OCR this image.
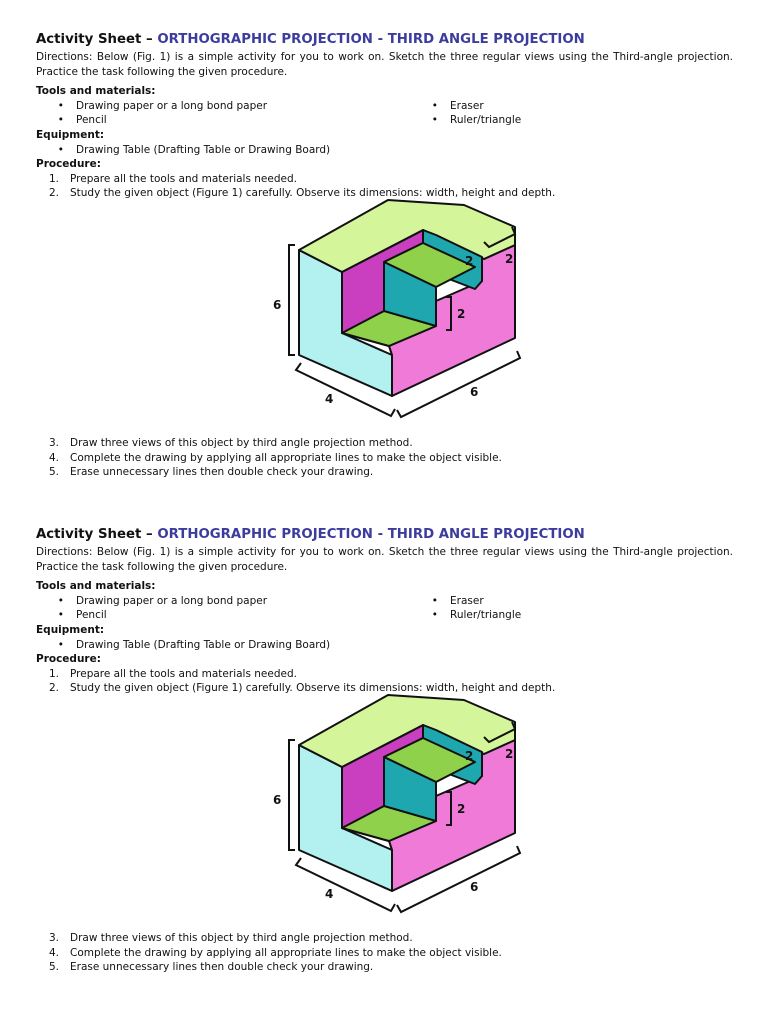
Activity Sheet – ORTHOGRAPHIC PROJECTION - THIRD ANGLE PROJECTION
Directions: Below (Fig. 1) is a simple activity for you to work on. Sketch the three regular views using the Third-angle projection. Practice the task following the given procedure.
Tools and materials:
•	Drawing paper or a long bond paper
•	Pencil
•	Eraser
•	Ruler/triangle
Equipment:
•	Drawing Table (Drafting Table or Drawing Board)
Procedure:
1.	Prepare all the tools and materials needed.
2.	Study the given object (Figure 1) carefully. Observe its dimensions: width, height and depth.
6
4	6
2
2
2
3.	Draw three views of this object by third angle projection method.
4.	Complete the drawing by applying all appropriate lines to make the object visible.
5.	Erase unnecessary lines then double check your drawing.
Activity Sheet – ORTHOGRAPHIC PROJECTION - THIRD ANGLE PROJECTION
Directions: Below (Fig. 1) is a simple activity for you to work on. Sketch the three regular views using the Third-angle projection. Practice the task following the given procedure.
Tools and materials:
•	Drawing paper or a long bond paper
•	Pencil
•	Eraser
•	Ruler/triangle
Equipment:
•	Drawing Table (Drafting Table or Drawing Board)
Procedure:
1.	Prepare all the tools and materials needed.
2.	Study the given object (Figure 1) carefully. Observe its dimensions: width, height and depth.
6
4	6
2
2
2
3.	Draw three views of this object by third angle projection method.
4.	Complete the drawing by applying all appropriate lines to make the object visible.
5.	Erase unnecessary lines then double check your drawing.
